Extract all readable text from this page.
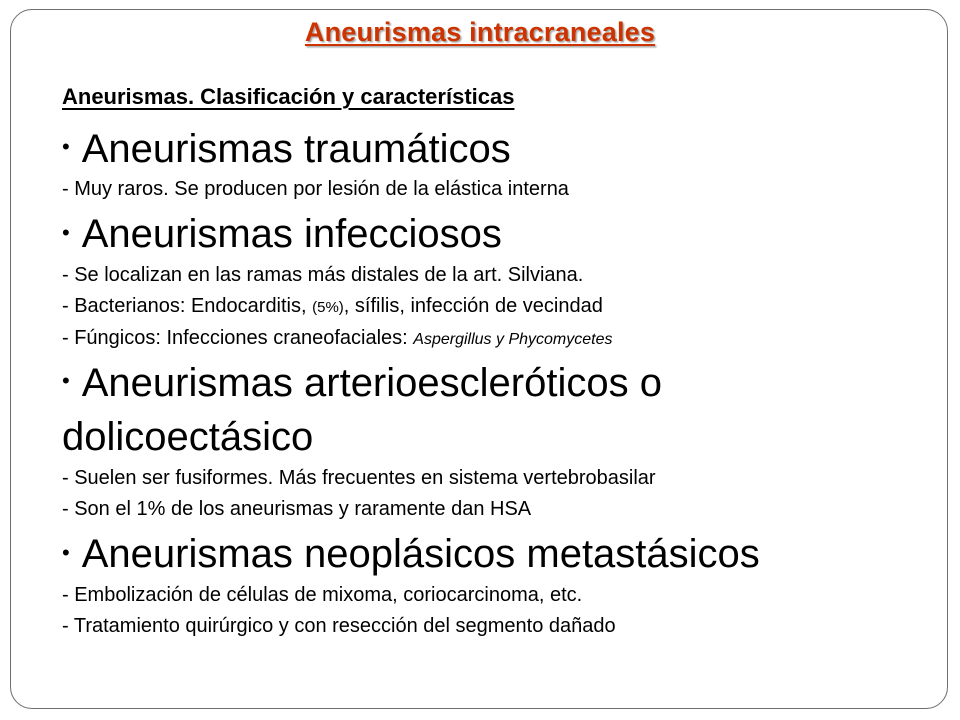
Aneurismas intracraneales
Aneurismas. Clasificación y características

• Aneurismas traumáticos

- Muy raros. Se producen por lesión de la elástica interna

• Aneurismas infecciosos

- Se localizan en las ramas más distales de la art. Silviana.

- Bacterianos: Endocarditis, (5%), sífilis, infección de vecindad

- Fúngicos: Infecciones craneofaciales: Aspergillus y Phycomycetes

• Aneurismas arterioescleróticos o dolicoectásico

- Suelen ser fusiformes. Más frecuentes en sistema vertebrobasilar

- Son el 1% de los aneurismas y raramente dan HSA

• Aneurismas neoplásicos metastásicos

- Embolización de células de mixoma, coriocarcinoma, etc.

- Tratamiento quirúrgico y con resección del segmento dañado
